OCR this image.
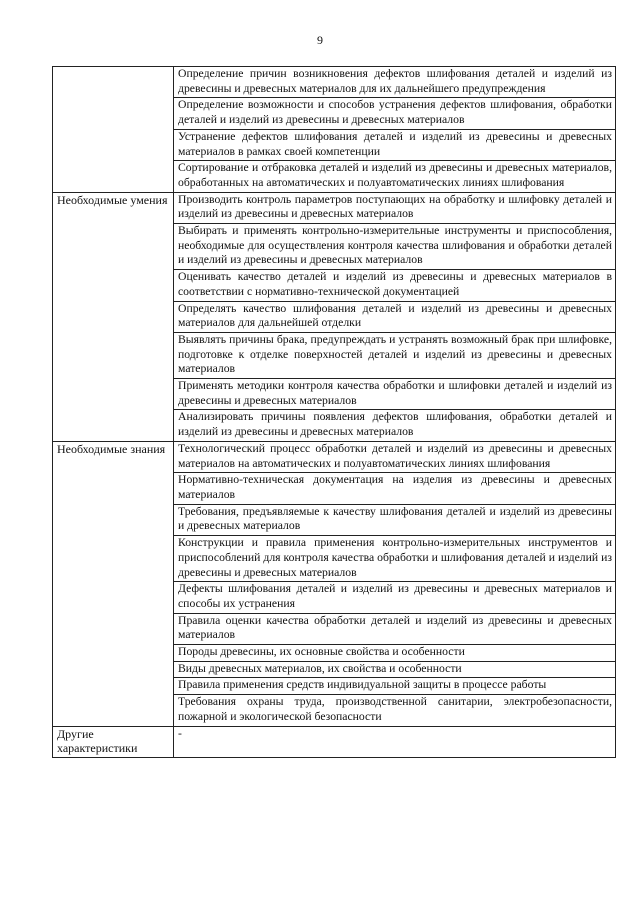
9
	Определение причин возникновения дефектов шлифования деталей и изделий из древесины и древесных материалов для их дальнейшего предупреждения
	Определение возможности и способов устранения дефектов шлифования, обработки деталей и изделий из древесины и древесных материалов
	Устранение дефектов шлифования деталей и изделий из древесины и древесных материалов в рамках своей компетенции
	Сортирование и отбраковка деталей и изделий из древесины и древесных материалов, обработанных на автоматических и полуавтоматических линиях шлифования
Необходимые умения	Производить контроль параметров поступающих на обработку и шлифовку деталей и изделий из древесины и древесных материалов
	Выбирать и применять контрольно-измерительные инструменты и приспособления, необходимые для осуществления контроля качества шлифования и обработки деталей и изделий из древесины и древесных материалов
	Оценивать качество деталей и изделий из древесины и древесных материалов в соответствии с нормативно-технической документацией
	Определять качество шлифования деталей и изделий из древесины и древесных материалов для дальнейшей отделки
	Выявлять причины брака, предупреждать и устранять возможный брак при шлифовке, подготовке к отделке поверхностей деталей и изделий из древесины и древесных материалов
	Применять методики контроля качества обработки и шлифовки деталей и изделий из древесины и древесных материалов
	Анализировать причины появления дефектов шлифования, обработки деталей и изделий из древесины и древесных материалов
Необходимые знания	Технологический процесс обработки деталей и изделий из древесины и древесных материалов на автоматических и полуавтоматических линиях шлифования
	Нормативно-техническая документация на изделия из древесины и древесных материалов
	Требования, предъявляемые к качеству шлифования деталей и изделий из древесины и древесных материалов
	Конструкции и правила применения контрольно-измерительных инструментов и приспособлений для контроля качества обработки и шлифования деталей и изделий из древесины и древесных материалов
	Дефекты шлифования деталей и изделий из древесины и древесных материалов и способы их устранения
	Правила оценки качества обработки деталей и изделий из древесины и древесных материалов
	Породы древесины, их основные свойства и особенности
	Виды древесных материалов, их свойства и особенности
	Правила применения средств индивидуальной защиты в процессе работы
	Требования охраны труда, производственной санитарии, электробезопасности, пожарной и экологической безопасности
Другие характеристики	-
